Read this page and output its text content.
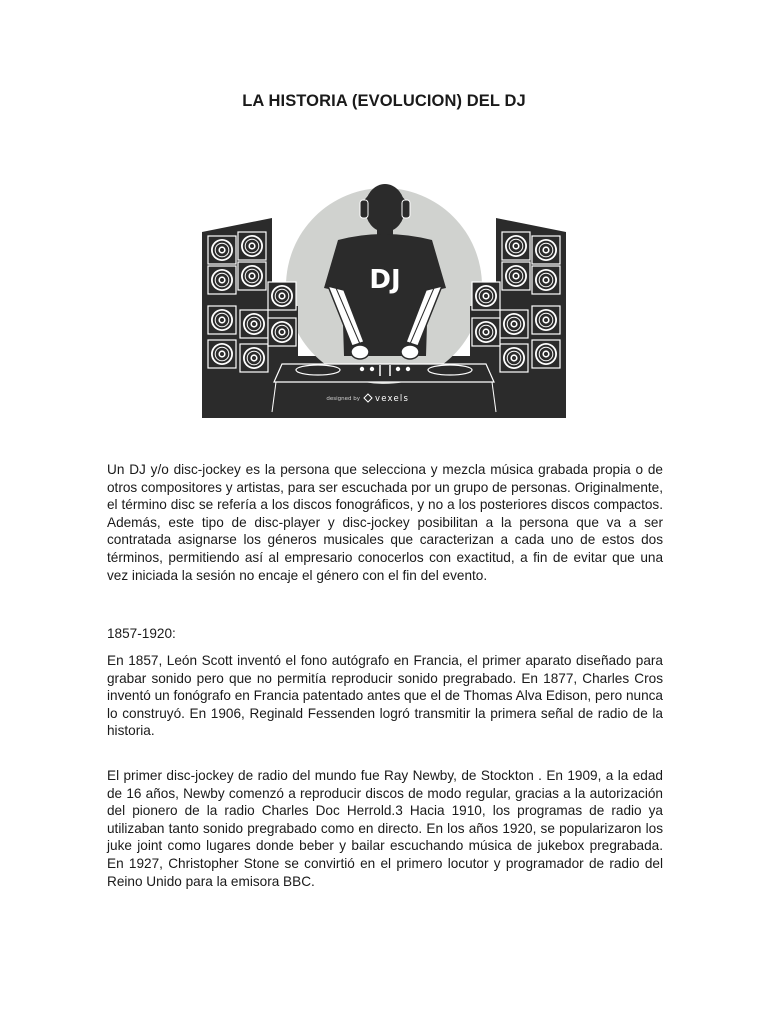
LA HISTORIA (EVOLUCION) DEL DJ
DJ
designed by vexels

Un DJ y/o disc-jockey es la persona que selecciona y mezcla música grabada propia o de otros compositores y artistas, para ser escuchada por un grupo de personas. Originalmente, el término disc se refería a los discos fonográficos, y no a los posteriores discos compactos. Además, este tipo de disc-player y disc-jockey posibilitan a la persona que va a ser contratada asignarse los géneros musicales que caracterizan a cada uno de estos dos términos, permitiendo así al empresario conocerlos con exactitud, a fin de evitar que una vez iniciada la sesión no encaje el género con el fin del evento.

1857-1920:

En 1857, León Scott inventó el fono autógrafo en Francia, el primer aparato diseñado para grabar sonido pero que no permitía reproducir sonido pregrabado. En 1877, Charles Cros inventó un fonógrafo en Francia patentado antes que el de Thomas Alva Edison, pero nunca lo construyó. En 1906, Reginald Fessenden logró transmitir la primera señal de radio de la historia.

El primer disc-jockey de radio del mundo fue Ray Newby, de Stockton . En 1909, a la edad de 16 años, Newby comenzó a reproducir discos de modo regular, gracias a la autorización del pionero de la radio Charles Doc Herrold.3 Hacia 1910, los programas de radio ya utilizaban tanto sonido pregrabado como en directo. En los años 1920, se popularizaron los juke joint como lugares donde beber y bailar escuchando música de jukebox pregrabada. En 1927, Christopher Stone se convirtió en el primero locutor y programador de radio del Reino Unido para la emisora BBC.
